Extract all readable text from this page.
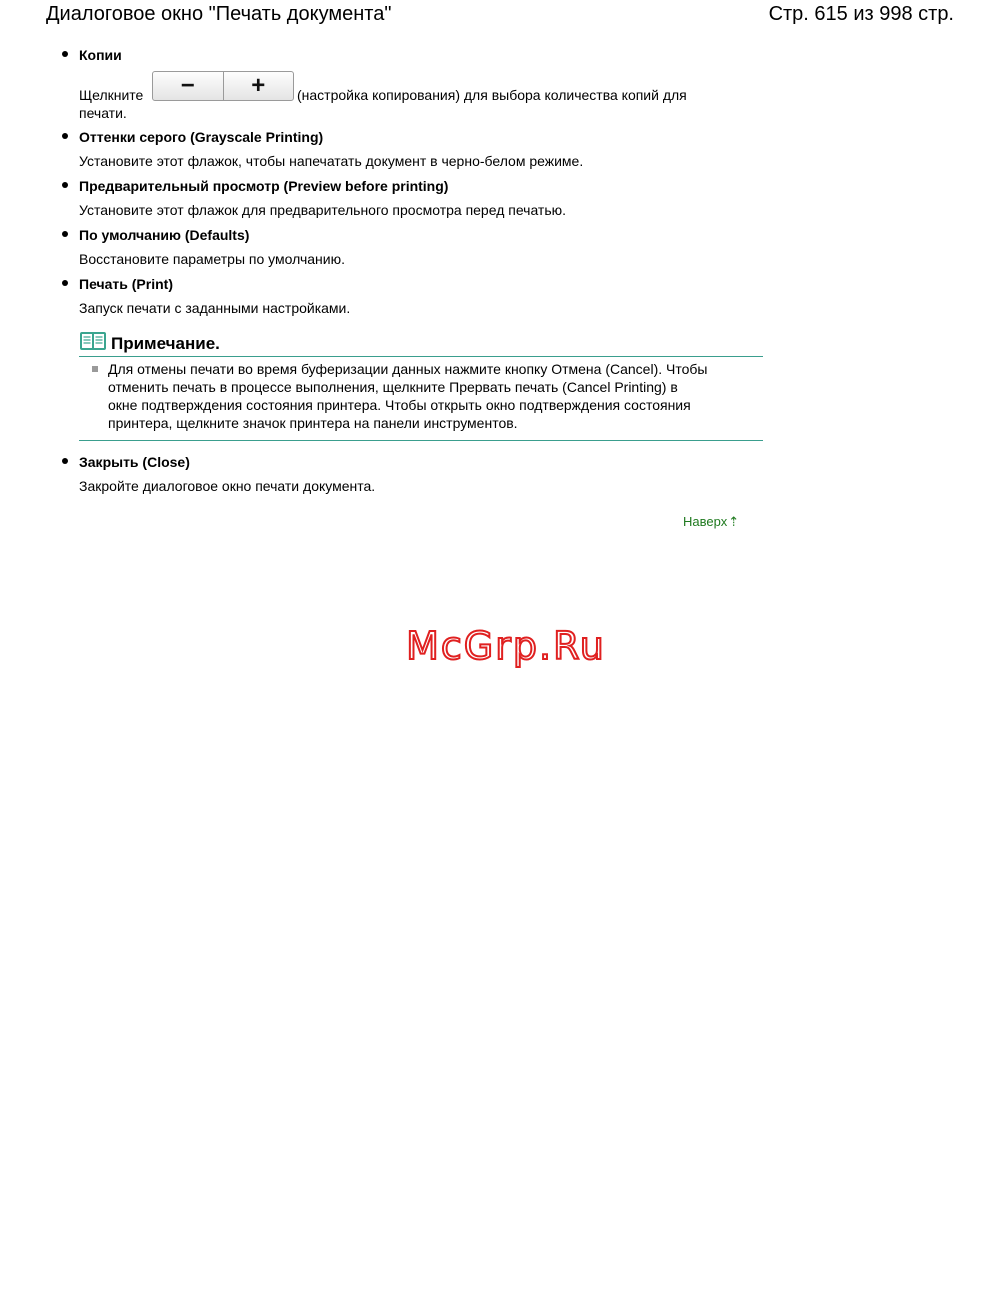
Диалоговое окно "Печать документа"	Стр. 615 из 998 стр.
Копии
Щелкните	−	+	(настройка копирования) для выбора количества копий для
печати.
Оттенки серого (Grayscale Printing)
Установите этот флажок, чтобы напечатать документ в черно-белом режиме.
Предварительный просмотр (Preview before printing)
Установите этот флажок для предварительного просмотра перед печатью.
По умолчанию (Defaults)
Восстановите параметры по умолчанию.
Печать (Print)
Запуск печати с заданными настройками.
Примечание.
Для отмены печати во время буферизации данных нажмите кнопку Отмена (Cancel). Чтобы
отменить печать в процессе выполнения, щелкните Прервать печать (Cancel Printing) в
окне подтверждения состояния принтера. Чтобы открыть окно подтверждения состояния
принтера, щелкните значок принтера на панели инструментов.
Закрыть (Close)
Закройте диалоговое окно печати документа.
Наверх⇡
McGrp.Ru
